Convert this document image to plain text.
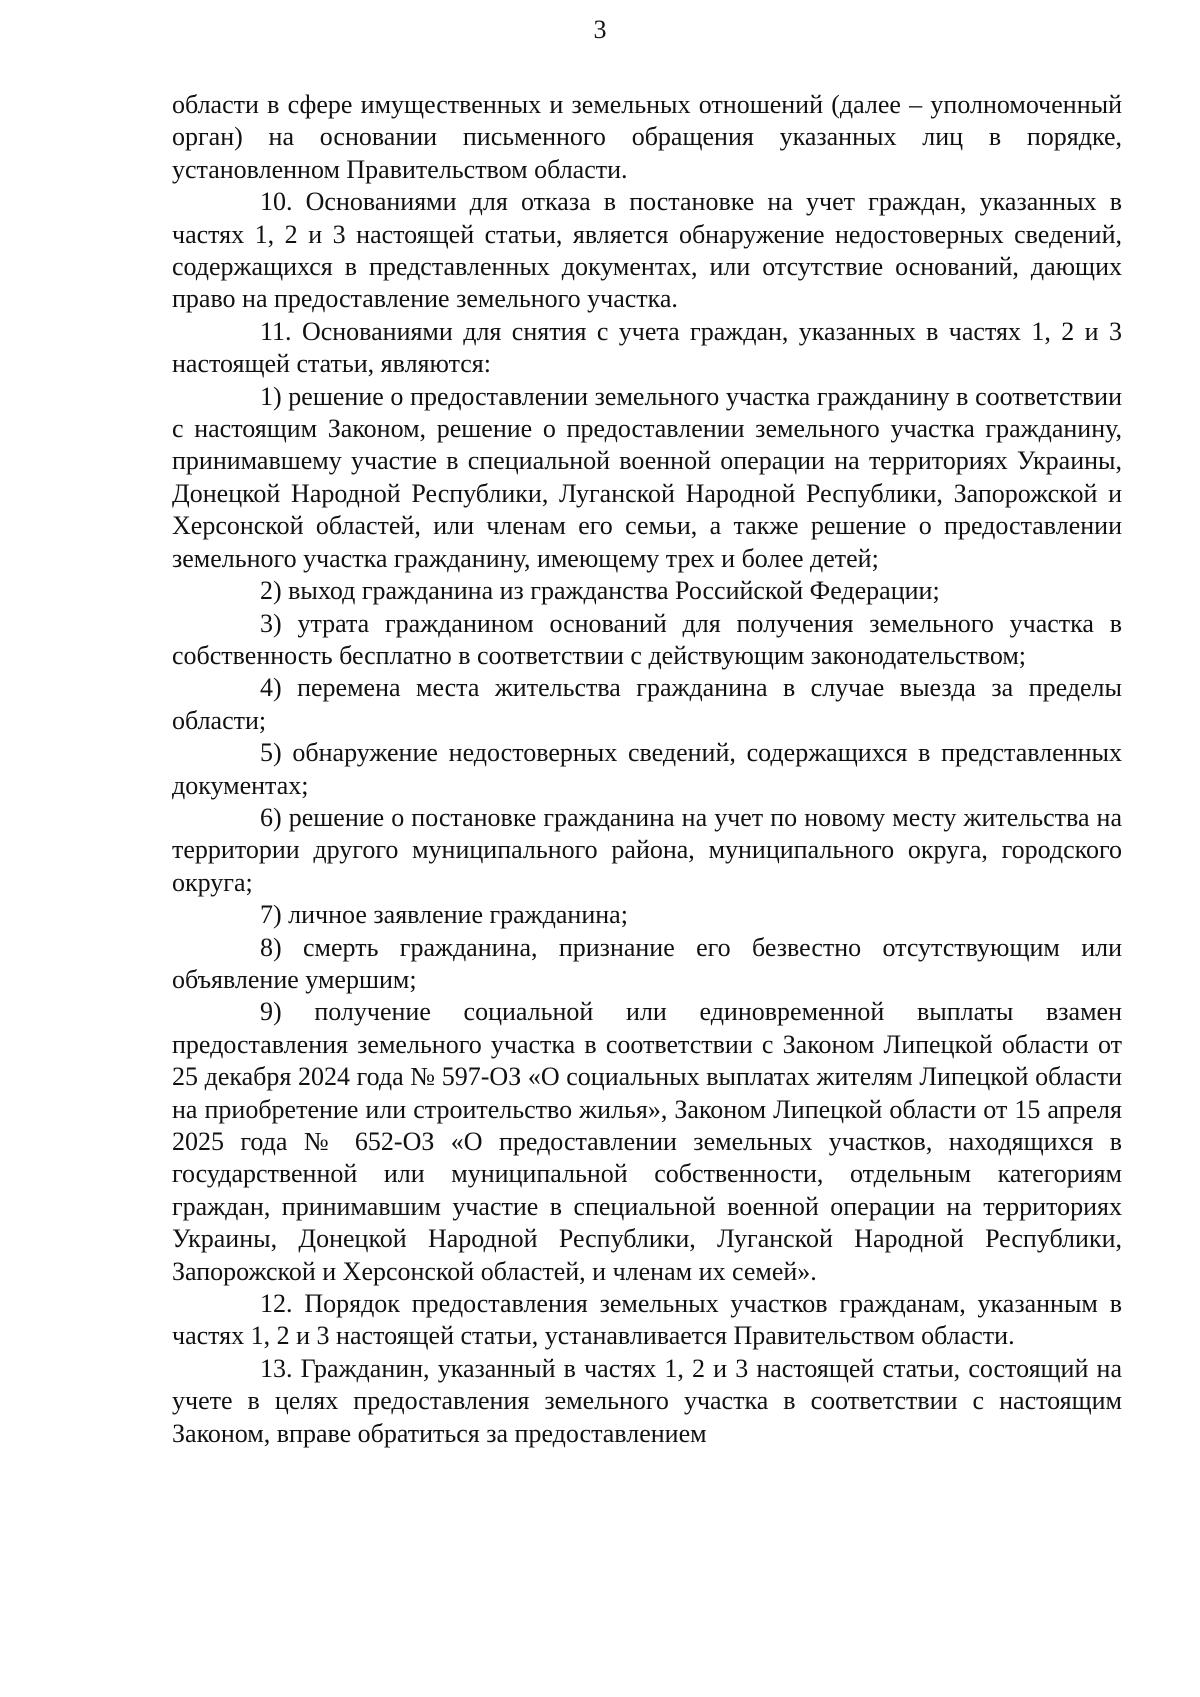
3

области в сфере имущественных и земельных отношений (далее – уполномоченный орган) на основании письменного обращения указанных лиц в порядке, установленном Правительством области.

10. Основаниями для отказа в постановке на учет граждан, указанных в частях 1, 2 и 3 настоящей статьи, является обнаружение недостоверных сведений, содержащихся в представленных документах, или отсутствие оснований, дающих право на предоставление земельного участка.

11. Основаниями для снятия с учета граждан, указанных в частях 1, 2 и 3 настоящей статьи, являются:

1) решение о предоставлении земельного участка гражданину в соответствии с настоящим Законом, решение о предоставлении земельного участка гражданину, принимавшему участие в специальной военной операции на территориях Украины, Донецкой Народной Республики, Луганской Народной Республики, Запорожской и Херсонской областей, или членам его семьи, а также решение о предоставлении земельного участка гражданину, имеющему трех и более детей;

2) выход гражданина из гражданства Российской Федерации;

3) утрата гражданином оснований для получения земельного участка в собственность бесплатно в соответствии с действующим законодательством;

4) перемена места жительства гражданина в случае выезда за пределы области;

5) обнаружение недостоверных сведений, содержащихся в представленных документах;

6) решение о постановке гражданина на учет по новому месту жительства на территории другого муниципального района, муниципального округа, городского округа;

7) личное заявление гражданина;

8) смерть гражданина, признание его безвестно отсутствующим или объявление умершим;

9) получение социальной или единовременной выплаты взамен предоставления земельного участка в соответствии с Законом Липецкой области от 25 декабря 2024 года № 597-ОЗ «О социальных выплатах жителям Липецкой области на приобретение или строительство жилья», Законом Липецкой области от 15 апреля 2025 года № 652-ОЗ «О предоставлении земельных участков, находящихся в государственной или муниципальной собственности, отдельным категориям граждан, принимавшим участие в специальной военной операции на территориях Украины, Донецкой Народной Республики, Луганской Народной Республики, Запорожской и Херсонской областей, и членам их семей».

12. Порядок предоставления земельных участков гражданам, указанным в частях 1, 2 и 3 настоящей статьи, устанавливается Правительством области.

13. Гражданин, указанный в частях 1, 2 и 3 настоящей статьи, состоящий на учете в целях предоставления земельного участка в соответствии с настоящим Законом, вправе обратиться за предоставлением
